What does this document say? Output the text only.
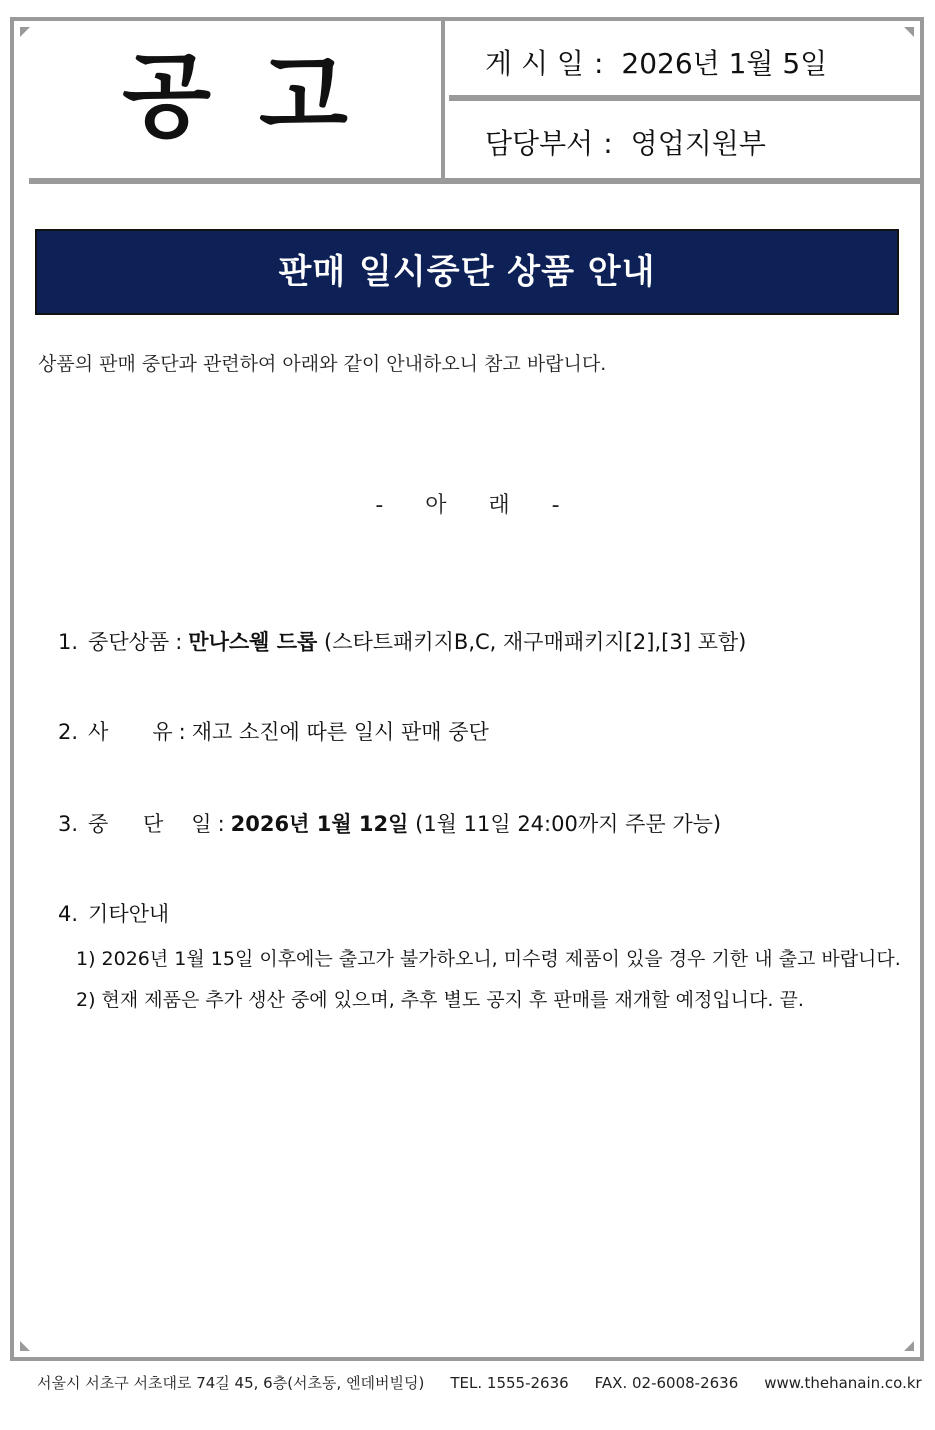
공고	게 시 일 : 2026년 1월 5일
담당부서 : 영업지원부
판매 일시중단 상품 안내
상품의 판매 중단과 관련하여 아래와 같이 안내하오니 참고 바랍니다.
-      아      래      -
1. 중단상품 : 만나스웰 드롭 (스타트패키지B,C, 재구매패키지[2],[3] 포함)
2. 사유 : 재고 소진에 따른 일시 판매 중단
3. 중 단 일 : 2026년 1월 12일 (1월 11일 24:00까지 주문 가능)
4. 기타안내
1) 2026년 1월 15일 이후에는 출고가 불가하오니, 미수령 제품이 있을 경우 기한 내 출고 바랍니다.
2) 현재 제품은 추가 생산 중에 있으며, 추후 별도 공지 후 판매를 재개할 예정입니다. 끝.
서울시 서초구 서초대로 74길 45, 6층(서초동, 엔데버빌딩) TEL. 1555-2636 FAX. 02-6008-2636 www.thehanain.co.kr
